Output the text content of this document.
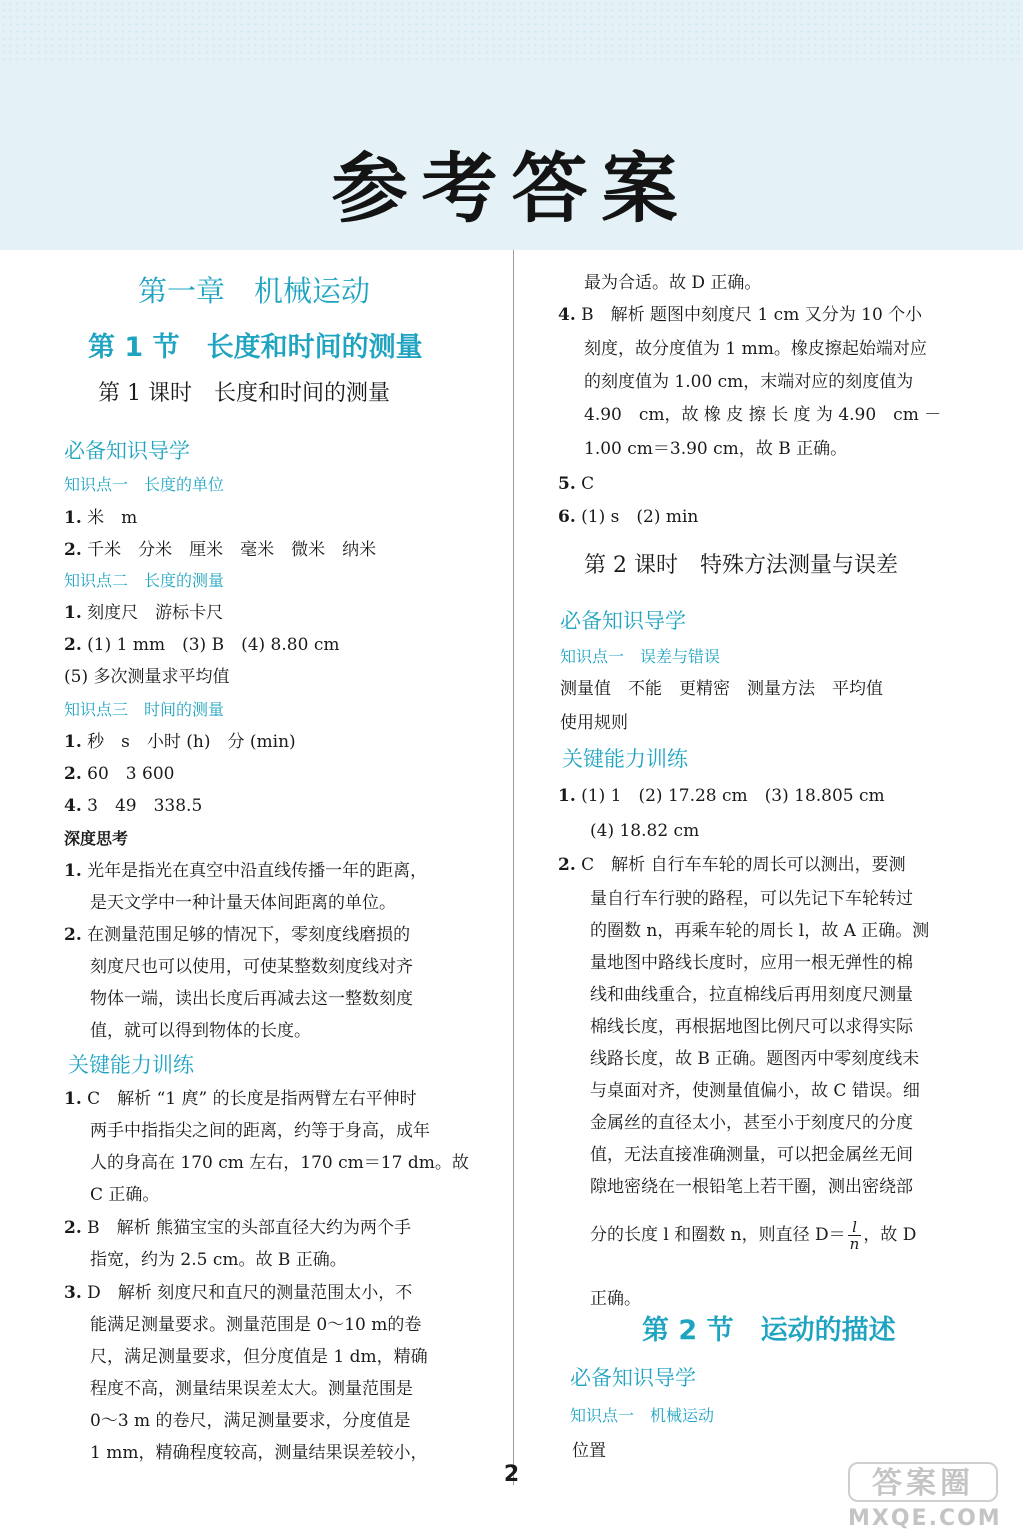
参考答案
第一章　机械运动
第 1 节　长度和时间的测量
第 1 课时　长度和时间的测量
必备知识导学
知识点一　长度的单位
1. 米　m
2. 千米　分米　厘米　毫米　微米　纳米
知识点二　长度的测量
1. 刻度尺　游标卡尺
2. (1) 1 mm　(3) B　(4) 8.80 cm
(5) 多次测量求平均值
知识点三　时间的测量
1. 秒　s　小时 (h)　分 (min)
2. 60　3 600
4. 3　49　338.5
深度思考
1. 光年是指光在真空中沿直线传播一年的距离，
是天文学中一种计量天体间距离的单位。
2. 在测量范围足够的情况下，零刻度线磨损的
刻度尺也可以使用，可使某整数刻度线对齐
物体一端，读出长度后再减去这一整数刻度
值，就可以得到物体的长度。
关键能力训练
1. C　解析 “1 庹” 的长度是指两臂左右平伸时
两手中指指尖之间的距离，约等于身高，成年
人的身高在 170 cm 左右，170 cm＝17 dm。故
C 正确。
2. B　解析 熊猫宝宝的头部直径大约为两个手
指宽，约为 2.5 cm。故 B 正确。
3. D　解析 刻度尺和直尺的测量范围太小，不
能满足测量要求。测量范围是 0～10 m的卷
尺，满足测量要求，但分度值是 1 dm，精确
程度不高，测量结果误差太大。测量范围是
0～3 m 的卷尺，满足测量要求，分度值是
1 mm，精确程度较高，测量结果误差较小，
最为合适。故 D 正确。
4. B　解析 题图中刻度尺 1 cm 又分为 10 个小
刻度，故分度值为 1 mm。橡皮擦起始端对应
的刻度值为 1.00 cm，末端对应的刻度值为
4.90　cm，故 橡 皮 擦 长 度 为 4.90　cm －
1.00 cm＝3.90 cm，故 B 正确。
5. C
6. (1) s　(2) min
第 2 课时　特殊方法测量与误差
必备知识导学
知识点一　误差与错误
测量值　不能　更精密　测量方法　平均值
使用规则
关键能力训练
1. (1) 1　(2) 17.28 cm　(3) 18.805 cm
(4) 18.82 cm
2. C　解析 自行车车轮的周长可以测出，要测
量自行车行驶的路程，可以先记下车轮转过
的圈数 n，再乘车轮的周长 l，故 A 正确。测
量地图中路线长度时，应用一根无弹性的棉
线和曲线重合，拉直棉线后再用刻度尺测量
棉线长度，再根据地图比例尺可以求得实际
线路长度，故 B 正确。题图丙中零刻度线未
与桌面对齐，使测量值偏小，故 C 错误。细
金属丝的直径太小，甚至小于刻度尺的分度
值，无法直接准确测量，可以把金属丝无间
隙地密绕在一根铅笔上若干圈，测出密绕部
分的长度 l 和圈数 n，则直径 $D= \frac{l}{n}$ ，故 D
正确。
第 2 节　运动的描述
必备知识导学
知识点一　机械运动
位置
2	答案圈
MXQE.COM
